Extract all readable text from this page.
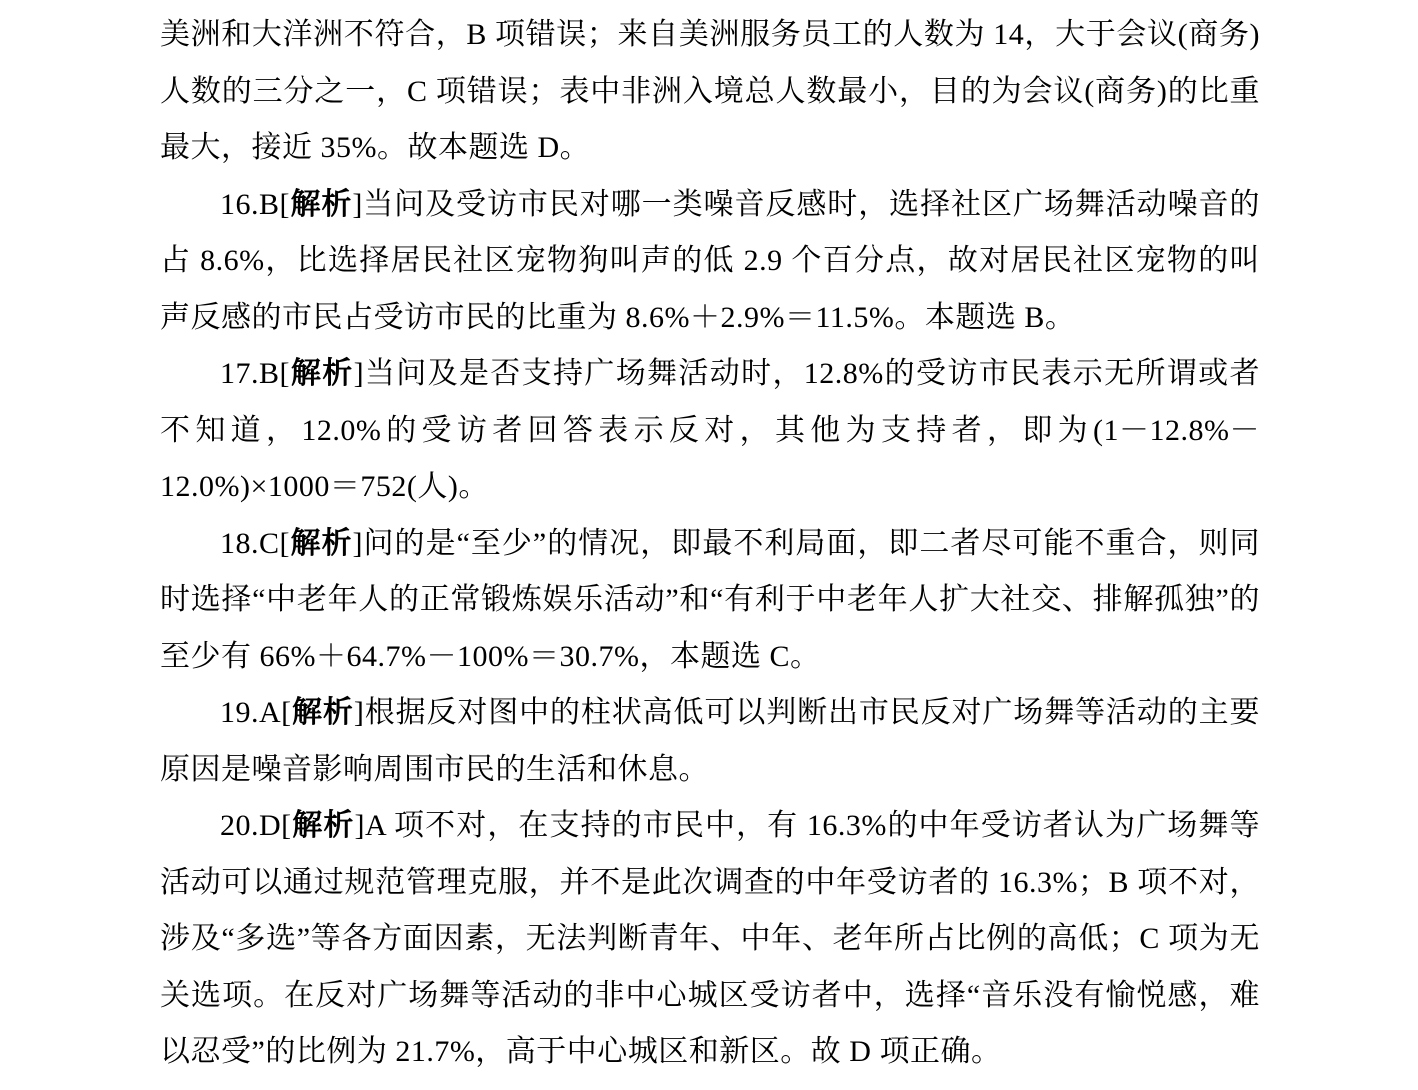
美洲和大洋洲不符合，B 项错误；来自美洲服务员工的人数为 14，大于会议(商务)人数的三分之一，C 项错误；表中非洲入境总人数最小，目的为会议(商务)的比重最大，接近 35%。故本题选 D。

16.B[解析]当问及受访市民对哪一类噪音反感时，选择社区广场舞活动噪音的占 8.6%，比选择居民社区宠物狗叫声的低 2.9 个百分点，故对居民社区宠物的叫声反感的市民占受访市民的比重为 8.6%＋2.9%＝11.5%。本题选 B。

17.B[解析]当问及是否支持广场舞活动时，12.8%的受访市民表示无所谓或者不知道，12.0%的受访者回答表示反对，其他为支持者，即为(1－12.8%－12.0%)×1000＝752(人)。

18.C[解析]问的是“至少”的情况，即最不利局面，即二者尽可能不重合，则同时选择“中老年人的正常锻炼娱乐活动”和“有利于中老年人扩大社交、排解孤独”的至少有 66%＋64.7%－100%＝30.7%，本题选 C。

19.A[解析]根据反对图中的柱状高低可以判断出市民反对广场舞等活动的主要原因是噪音影响周围市民的生活和休息。

20.D[解析]A 项不对，在支持的市民中，有 16.3%的中年受访者认为广场舞等活动可以通过规范管理克服，并不是此次调查的中年受访者的 16.3%；B 项不对，涉及“多选”等各方面因素，无法判断青年、中年、老年所占比例的高低；C 项为无关选项。在反对广场舞等活动的非中心城区受访者中，选择“音乐没有愉悦感，难以忍受”的比例为 21.7%，高于中心城区和新区。故 D 项正确。
